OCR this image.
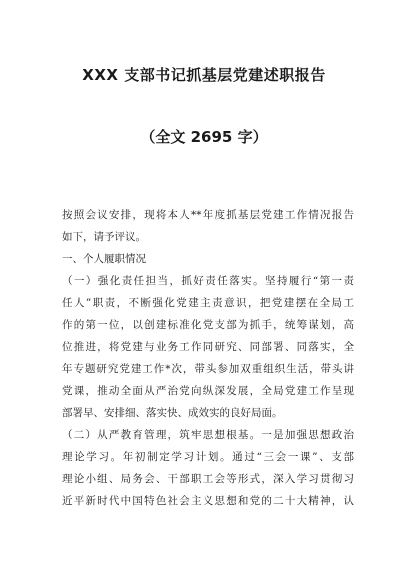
XXX 支部书记抓基层党建述职报告
（全文 2695 字）
按照会议安排，现将本人**年度抓基层党建工作情况报告
如下，请予评议。
一、个人履职情况
（一）强化责任担当，抓好责任落实。坚持履行“第一责
任人”职责，不断强化党建主责意识，把党建摆在全局工
作的第一位，以创建标准化党支部为抓手，统筹谋划，高
位推进，将党建与业务工作同研究、同部署、同落实，全
年专题研究党建工作*次，带头参加双重组织生活，带头讲
党课，推动全面从严治党向纵深发展，全局党建工作呈现
部署早、安排细、落实快、成效实的良好局面。
（二）从严教育管理，筑牢思想根基。一是加强思想政治
理论学习。年初制定学习计划。通过“三会一课”、支部
理论小组、局务会、干部职工会等形式，深入学习贯彻习
近平新时代中国特色社会主义思想和党的二十大精神，认
